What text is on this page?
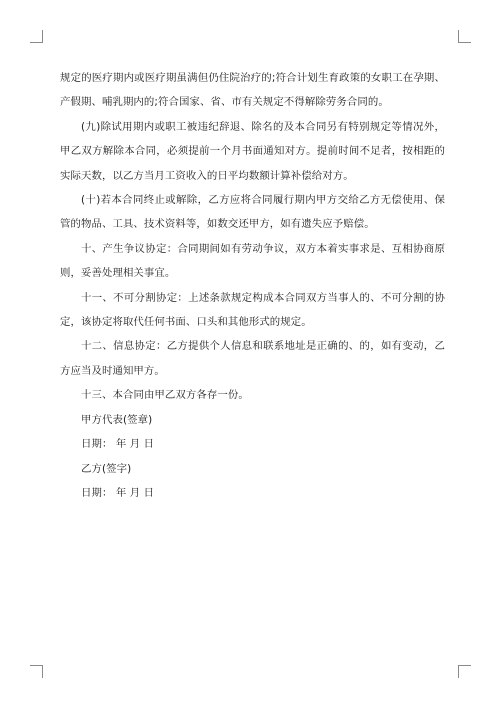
规定的医疗期内或医疗期虽满但仍住院治疗的;符合计划生育政策的女职工在孕期、产假期、哺乳期内的;符合国家、省、市有关规定不得解除劳务合同的。

(九)除试用期内或职工被违纪辞退、除名的及本合同另有特别规定等情况外，甲乙双方解除本合同，必须提前一个月书面通知对方。提前时间不足者，按相距的实际天数，以乙方当月工资收入的日平均数额计算补偿给对方。

(十)若本合同终止或解除，乙方应将合同履行期内甲方交给乙方无偿使用、保管的物品、工具、技术资料等，如数交还甲方，如有遗失应予赔偿。

十、产生争议协定：合同期间如有劳动争议，双方本着实事求是、互相协商原则，妥善处理相关事宜。

十一、不可分割协定：上述条款规定构成本合同双方当事人的、不可分割的协定，该协定将取代任何书面、口头和其他形式的规定。

十二、信息协定：乙方提供个人信息和联系地址是正确的、的，如有变动，乙方应当及时通知甲方。

十三、本合同由甲乙双方各存一份。

甲方代表(签章)

日期： 年 月 日

乙方(签字)

日期： 年 月 日
